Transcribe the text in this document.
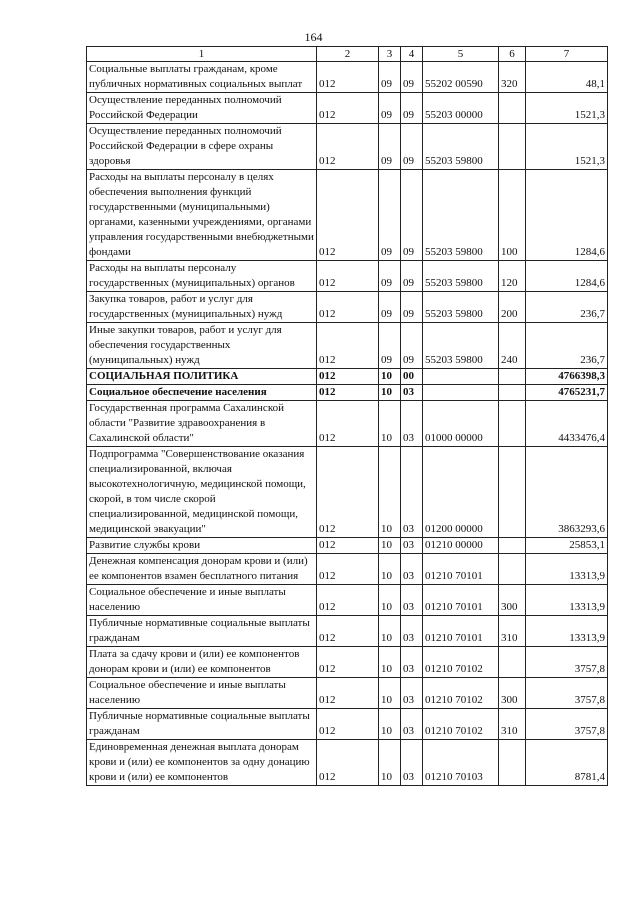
164
1	2	3	4	5	6	7
Социальные выплаты гражданам, кроме публичных нормативных социальных выплат	012	09	09	55202 00590	320	48,1
Осуществление переданных полномочий Российской Федерации	012	09	09	55203 00000		1521,3
Осуществление переданных полномочий Российской Федерации в сфере охраны здоровья	012	09	09	55203 59800		1521,3
Расходы на выплаты персоналу в целях обеспечения выполнения функций государственными (муниципальными) органами, казенными учреждениями, органами управления государственными внебюджетными фондами	012	09	09	55203 59800	100	1284,6
Расходы на выплаты персоналу государственных (муниципальных) органов	012	09	09	55203 59800	120	1284,6
Закупка товаров, работ и услуг для государственных (муниципальных) нужд	012	09	09	55203 59800	200	236,7
Иные закупки товаров, работ и услуг для обеспечения государственных (муниципальных) нужд	012	09	09	55203 59800	240	236,7
СОЦИАЛЬНАЯ ПОЛИТИКА	012	10	00			4766398,3
Социальное обеспечение населения	012	10	03			4765231,7
Государственная программа Сахалинской области "Развитие здравоохранения в Сахалинской области"	012	10	03	01000 00000		4433476,4
Подпрограмма "Совершенствование оказания специализированной, включая высокотехнологичную, медицинской помощи, скорой, в том числе скорой специализированной, медицинской помощи, медицинской эвакуации"	012	10	03	01200 00000		3863293,6
Развитие службы крови	012	10	03	01210 00000		25853,1
Денежная компенсация донорам крови и (или) ее компонентов взамен бесплатного питания	012	10	03	01210 70101		13313,9
Социальное обеспечение и иные выплаты населению	012	10	03	01210 70101	300	13313,9
Публичные нормативные социальные выплаты гражданам	012	10	03	01210 70101	310	13313,9
Плата за сдачу крови и (или) ее компонентов донорам крови и (или) ее компонентов	012	10	03	01210 70102		3757,8
Социальное обеспечение и иные выплаты населению	012	10	03	01210 70102	300	3757,8
Публичные нормативные социальные выплаты гражданам	012	10	03	01210 70102	310	3757,8
Единовременная денежная выплата донорам крови и (или) ее компонентов за одну донацию крови и (или) ее компонентов	012	10	03	01210 70103		8781,4
